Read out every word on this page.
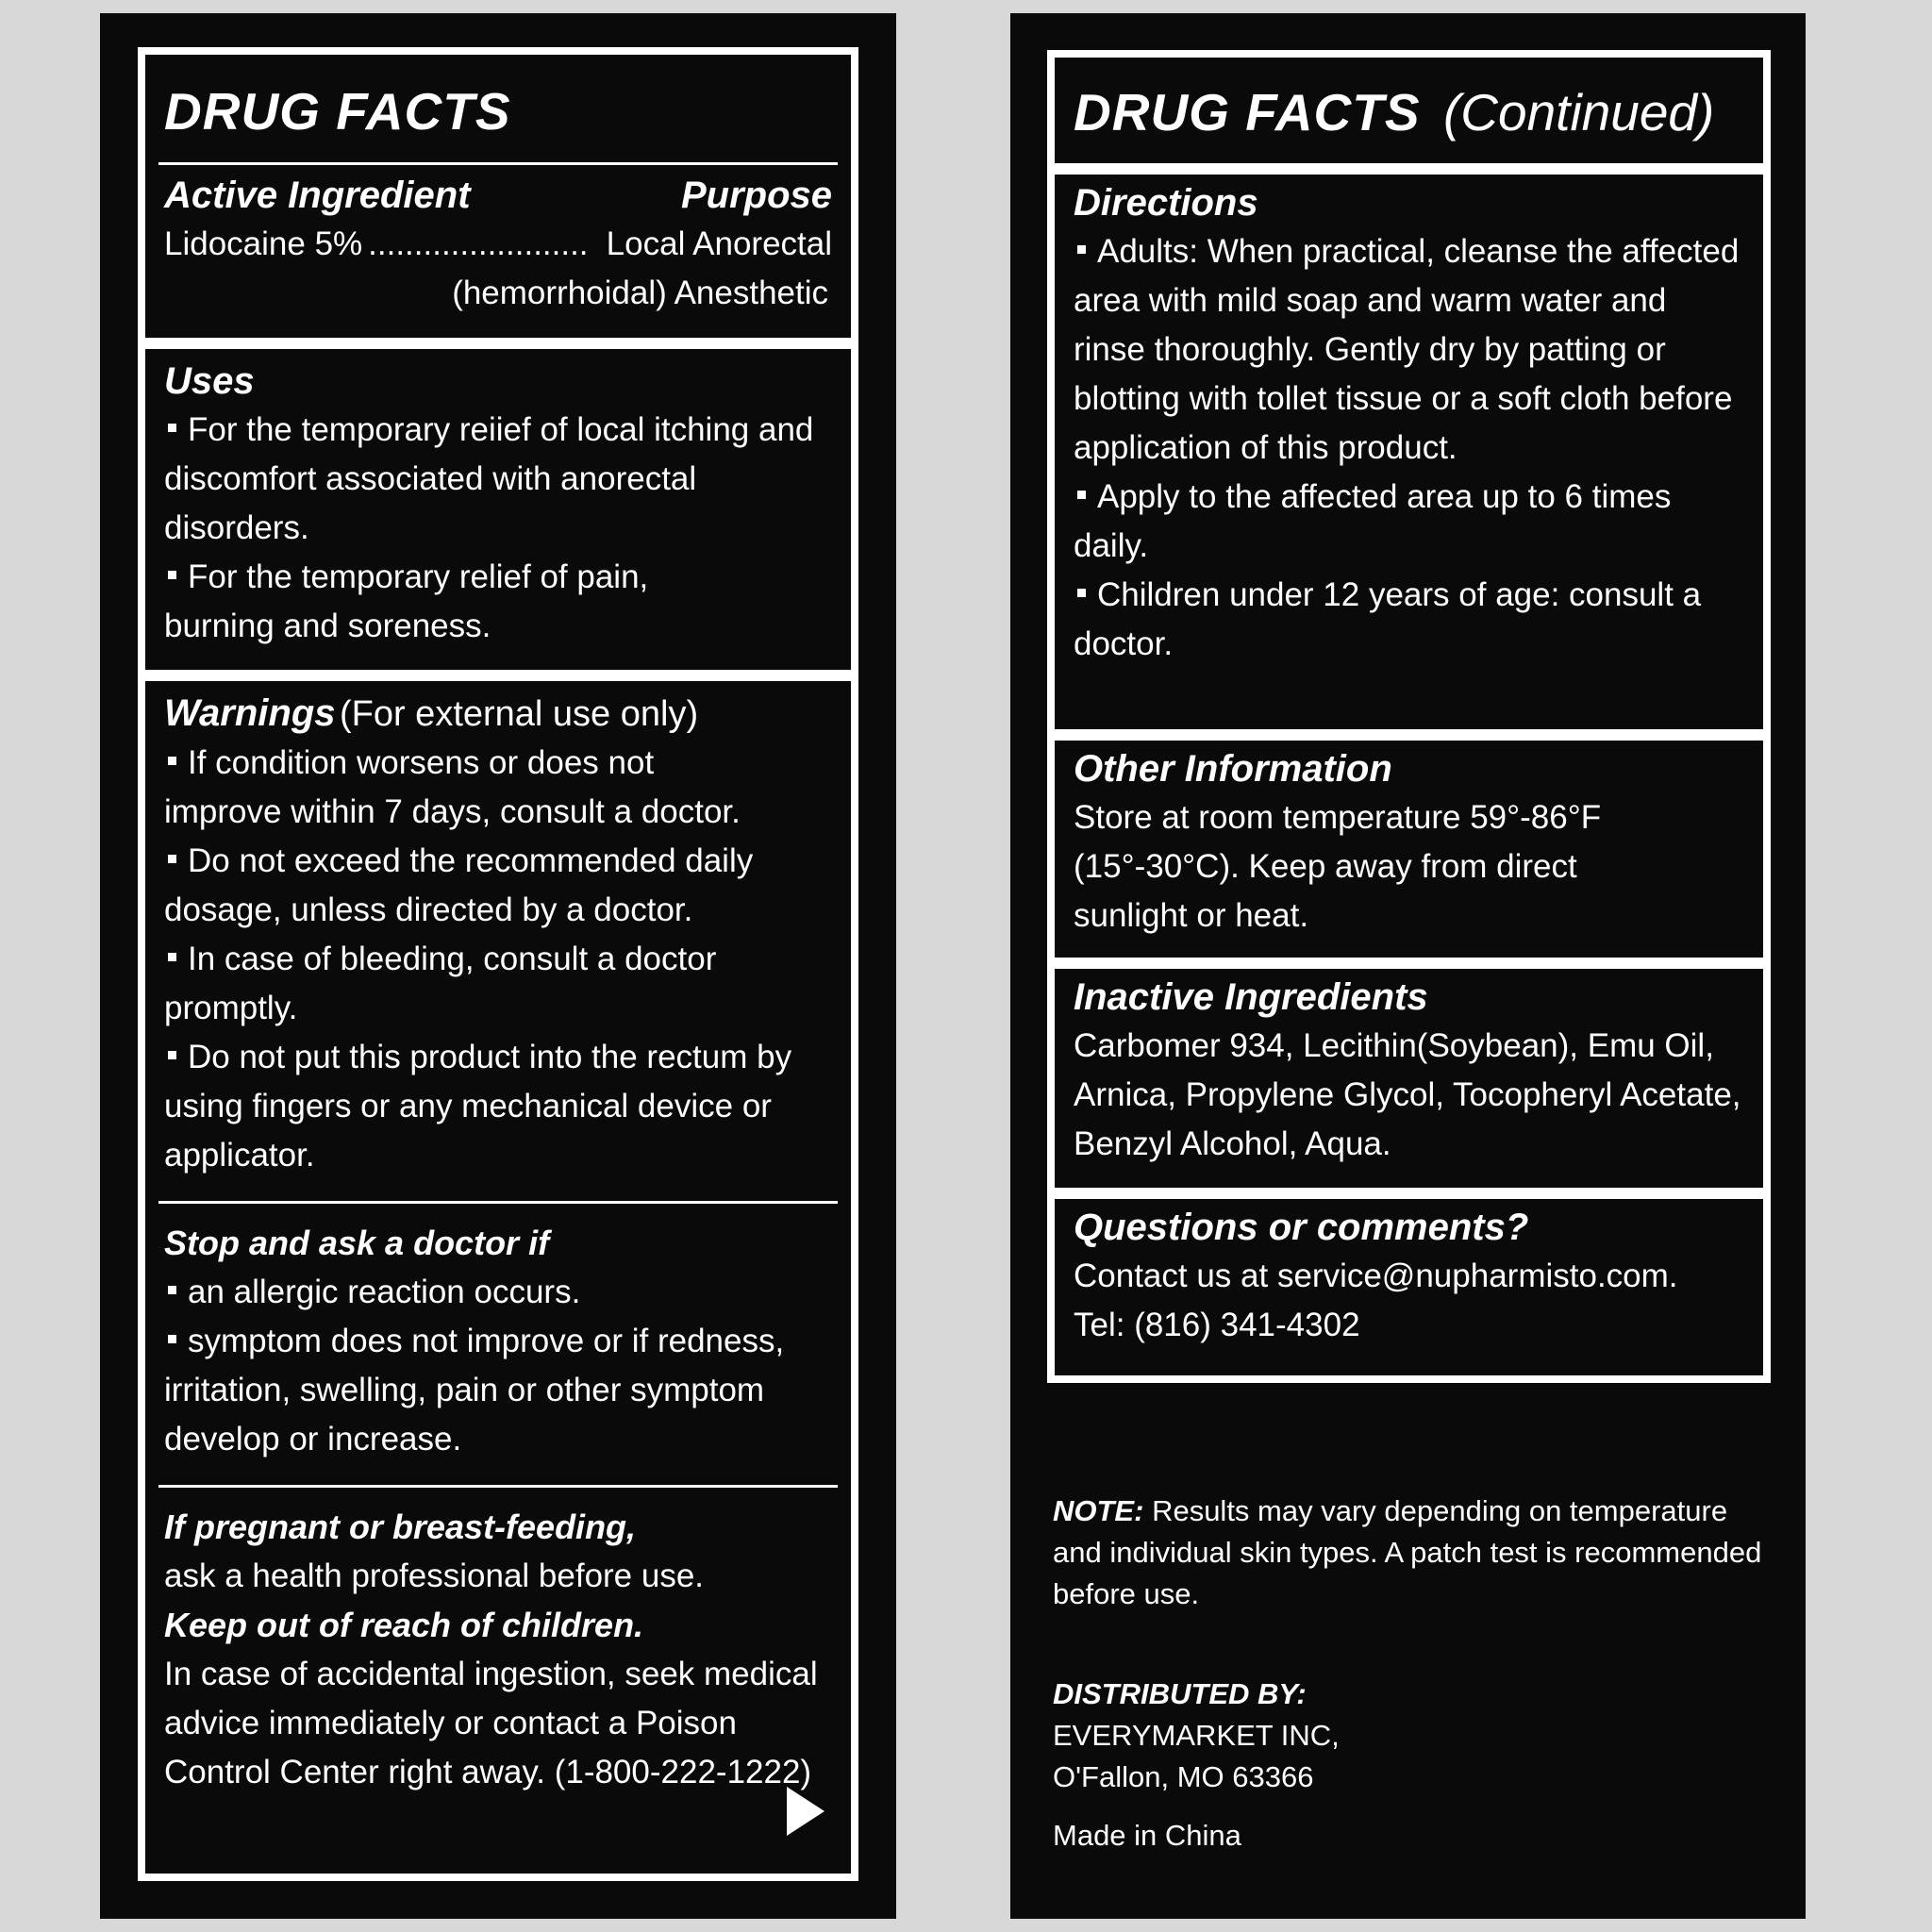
DRUG FACTS
Active Ingredient	Purpose
Lidocaine 5% ........................ Local Anorectal
(hemorrhoidal) Anesthetic
Uses
For the temporary reiief of local itching and discomfort associated with anorectal disorders.
For the temporary relief of pain, burning and soreness.
Warnings (For external use only)
If condition worsens or does not improve within 7 days, consult a doctor.
Do not exceed the recommended daily dosage, unless directed by a doctor.
In case of bleeding, consult a doctor promptly.
Do not put this product into the rectum by using fingers or any mechanical device or applicator.
Stop and ask a doctor if
an allergic reaction occurs.
symptom does not improve or if redness, irritation, swelling, pain or other symptom develop or increase.
If pregnant or breast-feeding,
ask a health professional before use.
Keep out of reach of children.
In case of accidental ingestion, seek medical advice immediately or contact a Poison Control Center right away. (1-800-222-1222)
DRUG FACTS (Continued)
Directions
Adults: When practical, cleanse the affected area with mild soap and warm water and rinse thoroughly. Gently dry by patting or blotting with tollet tissue or a soft cloth before application of this product.
Apply to the affected area up to 6 times daily.
Children under 12 years of age: consult a doctor.
Other Information
Store at room temperature 59°-86°F (15°-30°C). Keep away from direct sunlight or heat.
Inactive Ingredients
Carbomer 934, Lecithin(Soybean), Emu Oil, Arnica, Propylene Glycol, Tocopheryl Acetate, Benzyl Alcohol, Aqua.
Questions or comments?
Contact us at service@nupharmisto.com.
Tel: (816) 341-4302
NOTE: Results may vary depending on temperature and individual skin types. A patch test is recommended before use.
DISTRIBUTED BY:
EVERYMARKET INC,
O'Fallon, MO 63366
Made in China
